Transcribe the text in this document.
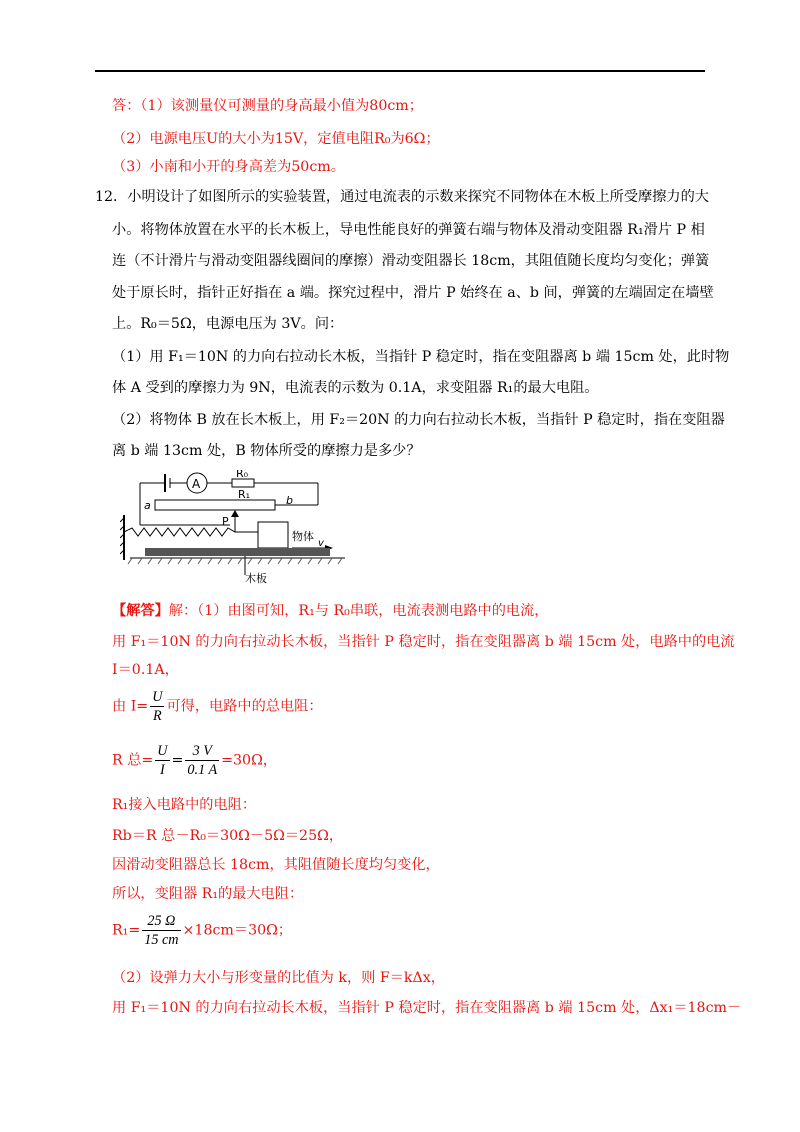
答：（1）该测量仪可测量的身高最小值为80cm；
（2）电源电压U的大小为15V，定值电阻R₀为6Ω；
（3）小南和小开的身高差为50cm。
12．小明设计了如图所示的实验装置，通过电流表的示数来探究不同物体在木板上所受摩擦力的大
小。将物体放置在水平的长木板上，导电性能良好的弹簧右端与物体及滑动变阻器 R₁滑片 P 相
连（不计滑片与滑动变阻器线圈间的摩擦）滑动变阻器长 18cm，其阻值随长度均匀变化；弹簧
处于原长时，指针正好指在 a 端。探究过程中，滑片 P 始终在 a、b 间，弹簧的左端固定在墙壁
上。R₀＝5Ω，电源电压为 3V。问：
（1）用 F₁＝10N 的力向右拉动长木板，当指针 P 稳定时，指在变阻器离 b 端 15cm 处，此时物
体 A 受到的摩擦力为 9N，电流表的示数为 0.1A，求变阻器 R₁的最大电阻。
（2）将物体 B 放在长木板上，用 F₂＝20N 的力向右拉动长木板，当指针 P 稳定时，指在变阻器
离 b 端 13cm 处，B 物体所受的摩擦力是多少？
A
R₀
R₁
a	b
P
物体
v
木板
【解答】解：（1）由图可知，R₁与 R₀串联，电流表测电路中的电流，
用 F₁＝10N 的力向右拉动长木板，当指针 P 稳定时，指在变阻器离 b 端 15cm 处，电路中的电流
I＝0.1A，
由 $I= \frac{U}{R}$ 可得，电路中的总电阻：
R 总= $\frac{U}{I} = \frac{3 V}{0.1 A} =30\Omega$，
R₁接入电路中的电阻：
Rb＝R 总－R₀＝30Ω－5Ω＝25Ω，
因滑动变阻器总长 18cm，其阻值随长度均匀变化，
所以，变阻器 R₁的最大电阻：
$R_1= \frac{25 \Omega}{15 cm} \times 18cm=30\Omega$；
（2）设弹力大小与形变量的比值为 k，则 F＝kΔx，
用 F₁＝10N 的力向右拉动长木板，当指针 P 稳定时，指在变阻器离 b 端 15cm 处，Δx₁＝18cm－
